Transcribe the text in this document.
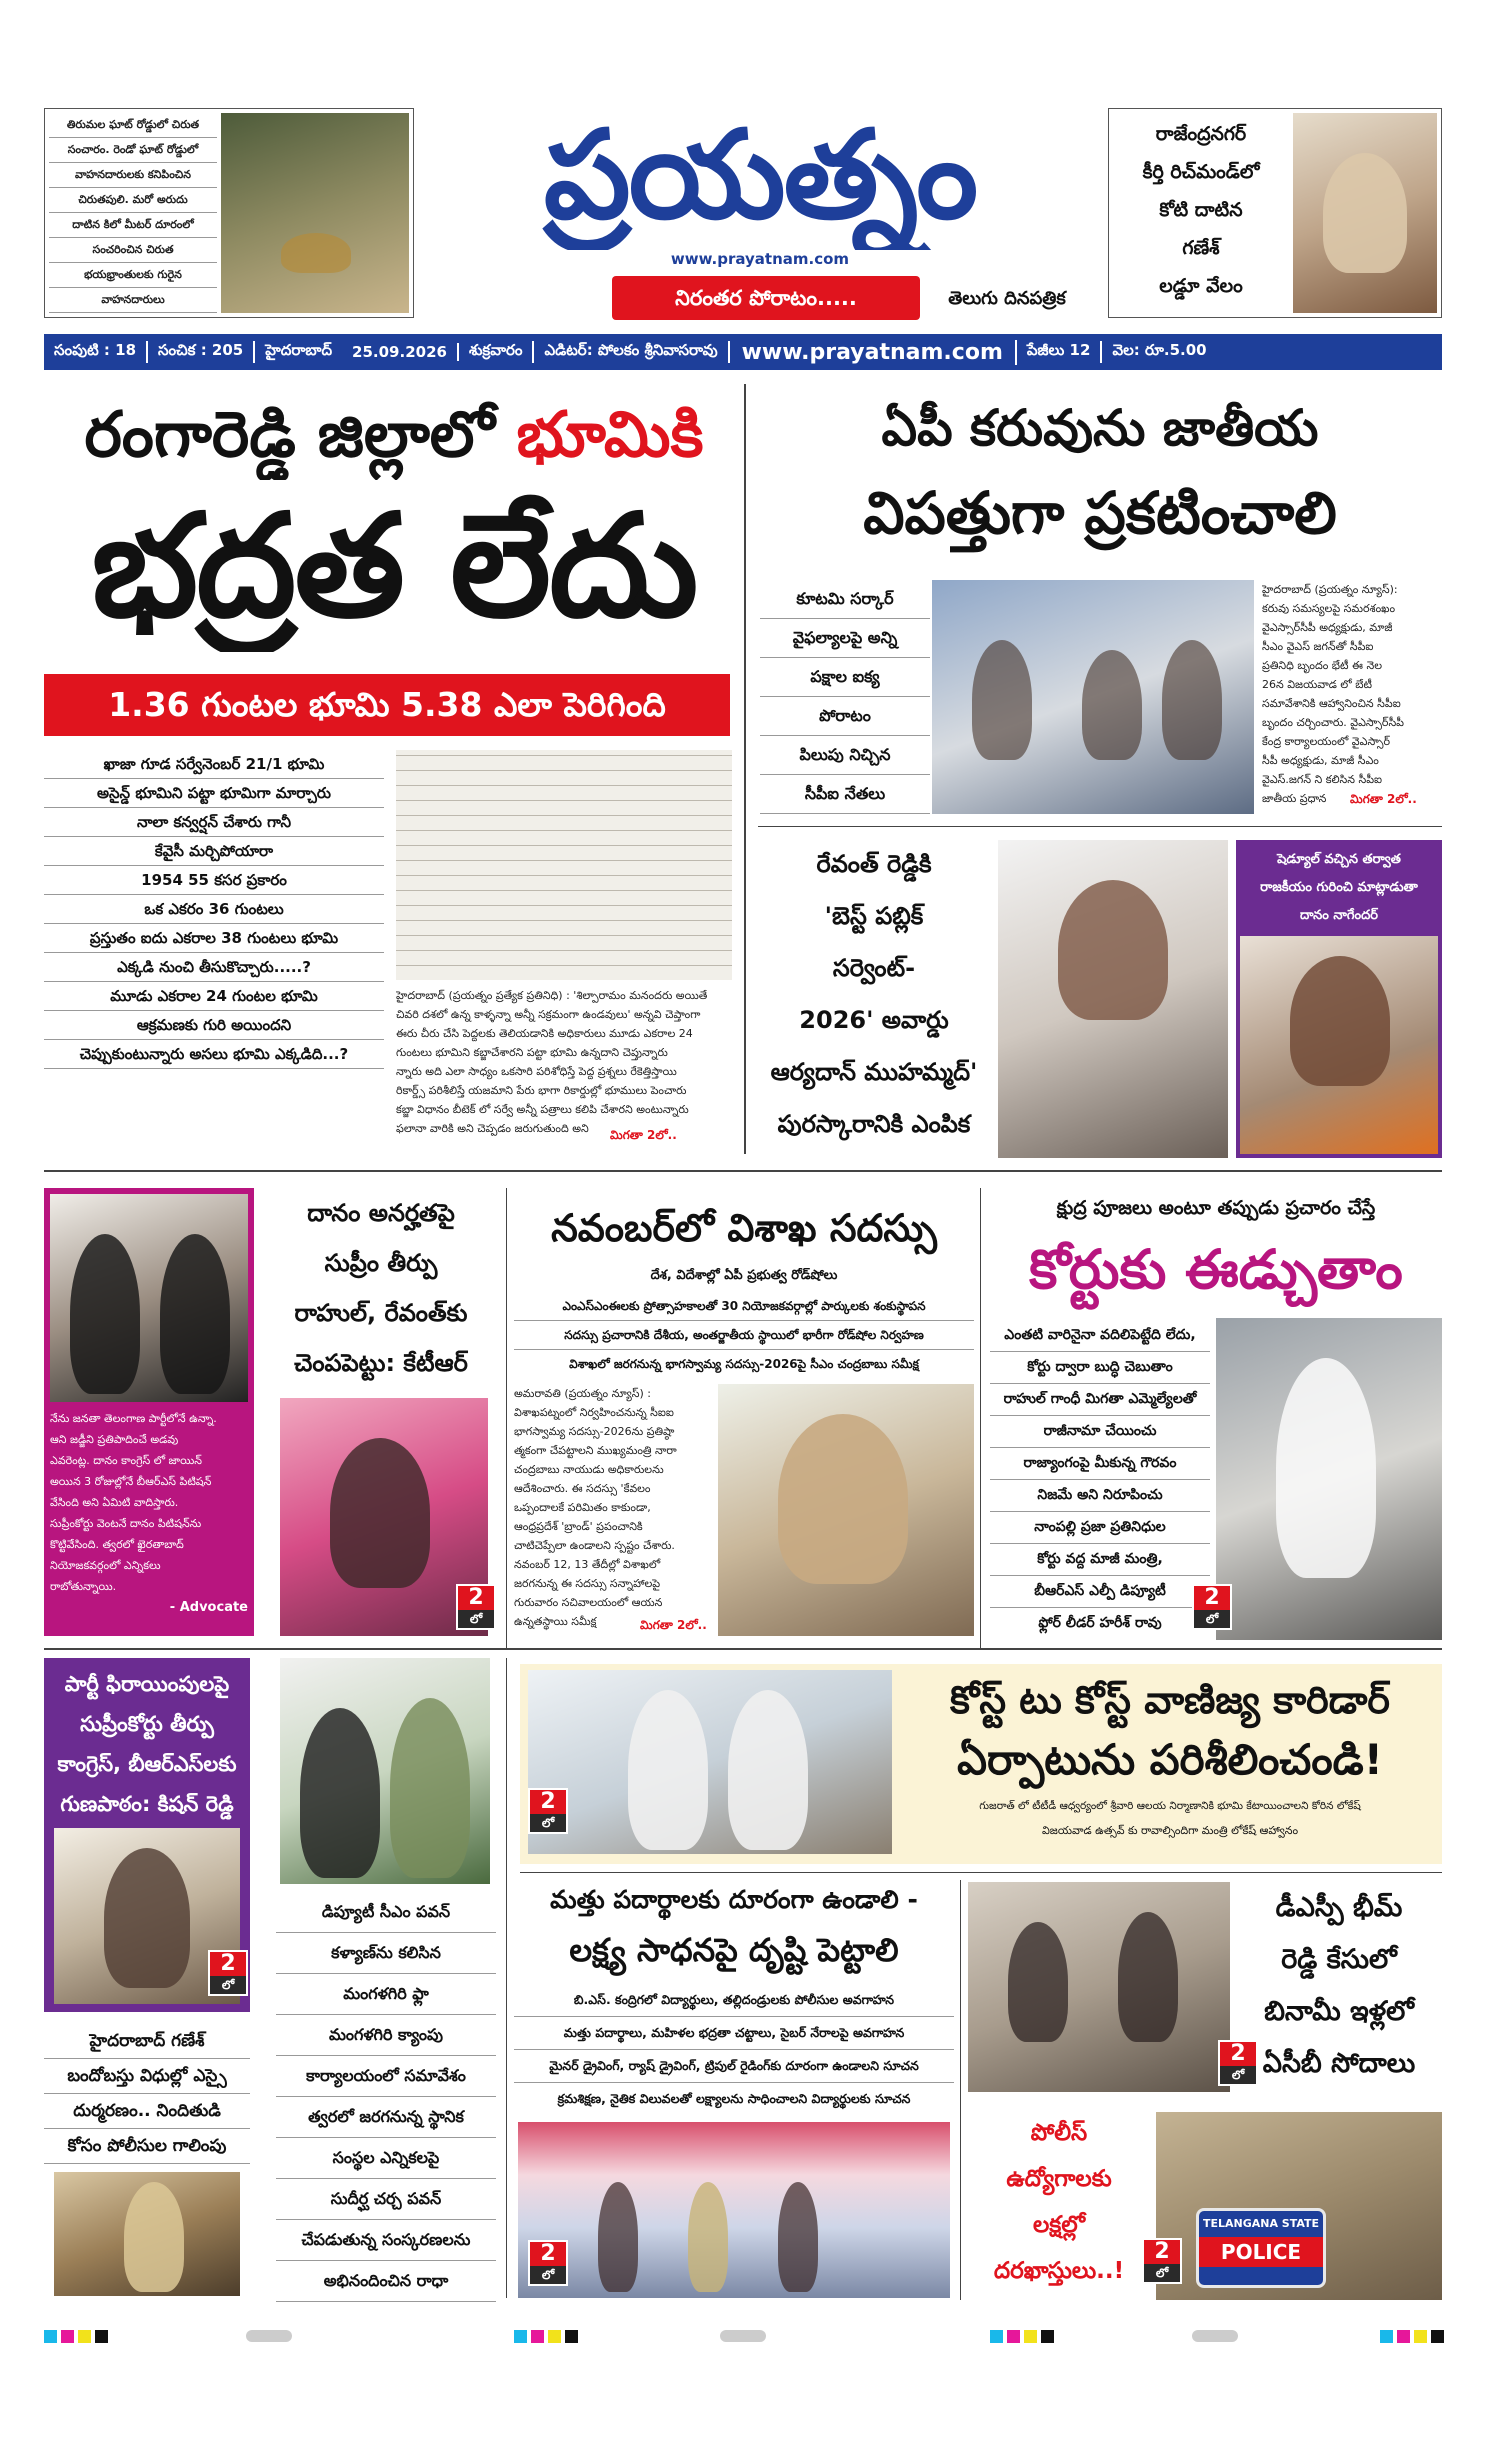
తిరుమల ఘాట్ రోడ్డులో చిరుత

సంచారం. రెండో ఘాట్ రోడ్డులో

వాహనదారులకు కనిపించిన

చిరుతపులి. మరో అరుదు

దాటిన కిలో మీటర్ దూరంలో

సంచరించిన చిరుత

భయభ్రాంతులకు గురైన

వాహనదారులు

ప్రయత్నం
www.prayatnam.com
నిరంతర పోరాటం.....	తెలుగు దినపత్రిక

రాజేంద్రనగర్

కీర్తి రిచ్‌మండ్‌లో

కోటి దాటిన

గణేశ్

లడ్డూ వేలం

సంపుటి : 18	సంచిక : 205	హైదరాబాద్	25.09.2026	శుక్రవారం	ఎడిటర్: పోలకం శ్రీనివాసరావు	www.prayatnam.com	పేజీలు 12	వెల: రూ.5.00
రంగారెడ్డి జిల్లాలో భూమికి
భద్రత లేదు
1.36 గుంటల భూమి 5.38 ఎలా పెరిగింది

ఖాజా గూడ సర్వేనెంబర్ 21/1 భూమి

అసైన్డ్ భూమిని పట్టా భూమిగా మార్చారు

నాలా కన్వర్షన్ చేశారు గానీ

కేవైసీ మర్చిపోయారా

1954 55 కసర ప్రకారం

ఒక ఎకరం 36 గుంటలు

ప్రస్తుతం ఐదు ఎకరాల 38 గుంటలు భూమి

ఎక్కడి నుంచి తీసుకొచ్చారు.....?

మూడు ఎకరాల 24 గుంటల భూమి

ఆక్రమణకు గురి అయిందని

చెప్పుకుంటున్నారు అసలు భూమి ఎక్కడిది...?

హైదరాబాద్ (ప్రయత్నం ప్రత్యేక ప్రతినిధి) : 'శిల్పారామం మనందరు అయితే

చివరి దశలో ఉన్న కాళ్ళన్నా అన్నీ సక్రమంగా ఉండవులు' అన్నవి చెప్తాంగా

ఈరు చీరు చేసి పెద్దలకు తెలియడానికి అధికారులు మూడు ఎకరాల 24

గుంటలు భూమిని కబ్జాచేశారని పట్టా భూమి ఉన్నదాని చెప్తున్నారు

న్నారు అది ఎలా సాధ్యం ఒకసారి పరిశోధిస్తే పెద్ద ప్రశ్నలు రేకెత్తిస్తాయి

రికార్డ్స్ పరిశీలిస్తే యజమాని పేరు భాగా రికార్డుల్లో భూములు పెంచారు

కబ్జా విధానం బీటెక్ లో సర్వే అన్నీ పత్రాలు కలిపి చేశారని అంటున్నారు

ఫలానా వారికి అని చెప్పడం జరుగుతుంది అని	మిగతా 2లో..
ఏపీ కరువును జాతీయ
విపత్తుగా ప్రకటించాలి

కూటమి సర్కార్

వైఫల్యాలపై అన్ని

పక్షాల ఐక్య

పోరాటం

పిలుపు నిచ్చిన

సీపీఐ నేతలు

హైదరాబాద్ (ప్రయత్నం న్యూస్):

కరువు సమస్యలపై సమరశంఖం

వైఎస్సార్‌సీపీ అధ్యక్షుడు, మాజీ

సీఎం వైఎస్ జగన్‌తో సీపీఐ

ప్రతినిధి బృందం భేటీ ఈ నెల

26న విజయవాడ లో బేటీ

సమావేశానికి ఆహ్వానించిన సీపీఐ

బృందం చర్చించారు. వైఎస్సార్‌సీపీ

కేంద్ర కార్యాలయంలో వైఎస్సార్

సీపీ అధ్యక్షుడు, మాజీ సీఎం

వైఎస్.జగన్ ని కలిసిన సీపీఐ

జాతీయ ప్రధాన	మిగతా 2లో..

రేవంత్ రెడ్డికి

'బెస్ట్ పబ్లిక్

సర్వెంట్-

2026' అవార్డు

ఆర్యదాన్ ముహమ్మద్'

పురస్కారానికి ఎంపిక

షెడ్యూల్ వచ్చిన తర్వాత

రాజకీయం గురించి మాట్లాడుతా

దానం నాగేందర్

నేను జనతా తెలంగాణ పార్టీలోనే ఉన్నా.

ఆని జడ్జీని ప్రతిపాదించే అడవు

ఎవరెంట్ల. దానం కాంగ్రెస్ లో జాయిన్

అయిన 3 రోజుల్లోనే బీఆర్ఎస్ పిటిషన్

వేసింది అని ఏమిటి వాదిస్తారు.

సుప్రీంకోర్టు వెంటనే దానం పిటిషన్‌ను

కొట్టివేసింది. త్వరలో ఖైరతాబాద్

నియోజకవర్గంలో ఎన్నికలు

రాబోతున్నాయి.

- Advocate

దానం అనర్హతపై

సుప్రీం తీర్పు

రాహుల్, రేవంత్‌కు

చెంపపెట్టు: కేటీఆర్

నవంబర్‌లో విశాఖ సదస్సు
దేశ, విదేశాల్లో ఏపీ ప్రభుత్వ రోడ్‌షోలు

ఎంఎస్ఎంఈలకు ప్రోత్సాహకాలతో 30 నియోజకవర్గాల్లో పార్కులకు శంకుస్థాపన

సదస్సు ప్రచారానికి దేశీయ, అంతర్జాతీయ స్థాయిలో భారీగా రోడ్‌షోల నిర్వహణ

విశాఖలో జరగనున్న భాగస్వామ్య సదస్సు-2026పై సీఎం చంద్రబాబు సమీక్ష

అమరావతి (ప్రయత్నం న్యూస్) :

విశాఖపట్నంలో నిర్వహించనున్న సీఐఐ

భాగస్వామ్య సదస్సు-2026ను ప్రతిష్ఠా

త్మకంగా చేపట్టాలని ముఖ్యమంత్రి నారా

చంద్రబాబు నాయుడు అధికారులను

ఆదేశించారు. ఈ సదస్సు 'కేవలం

ఒప్పందాలకే పరిమితం కాకుండా,

ఆంధ్రప్రదేశ్ 'బ్రాండ్' ప్రపంచానికి

చాటిచెప్పేలా ఉండాలని స్పష్టం చేశారు.

నవంబర్ 12, 13 తేదీల్లో విశాఖలో

జరగనున్న ఈ సదస్సు సన్నాహాలపై

గురువారం సచివాలయంలో ఆయన

ఉన్నతస్థాయి సమీక్ష	మిగతా 2లో..
క్షుద్ర పూజలు అంటూ తప్పుడు ప్రచారం చేస్తే
కోర్టుకు ఈడ్చుతాం

ఎంతటి వారినైనా వదిలిపెట్టేది లేదు,

కోర్టు ద్వారా బుద్ధి చెబుతాం

రాహుల్ గాంధీ మిగతా ఎమ్మెల్యేలతో

రాజీనామా చేయించు

రాజ్యాంగంపై మీకున్న గౌరవం

నిజమే అని నిరూపించు

నాంపల్లి ప్రజా ప్రతినిధుల

కోర్టు వద్ద మాజీ మంత్రి,

బీఆర్ఎస్ ఎల్పీ డిప్యూటీ

ఫ్లోర్ లీడర్ హరీశ్ రావు

పార్టీ ఫిరాయింపులపై

సుప్రీంకోర్టు తీర్పు

కాంగ్రెస్, బీఆర్ఎస్‌లకు

గుణపాఠం: కిషన్ రెడ్డి

హైదరాబాద్ గణేశ్

బందోబస్తు విధుల్లో ఎస్సై

దుర్మరణం.. నిందితుడి

కోసం పోలీసుల గాలింపు

డిప్యూటీ సీఎం పవన్

కళ్యాణ్‌ను కలిసిన

మంగళగిరి ఫ్లా

మంగళగిరి క్యాంపు

కార్యాలయంలో సమావేశం

త్వరలో జరగనున్న స్థానిక

సంస్థల ఎన్నికలపై

సుదీర్ఘ చర్చ పవన్

చేపడుతున్న సంస్కరణలను

అభినందించిన రాధా

కోస్ట్ టు కోస్ట్ వాణిజ్య కారిడార్
ఏర్పాటును పరిశీలించండి!
గుజరాత్ లో టీటీడీ ఆధ్వర్యంలో శ్రీవారి ఆలయ నిర్మాణానికి భూమి కేటాయించాలని కోరిన లోకేష్
విజయవాడ ఉత్సవ్ కు రావాల్సిందిగా మంత్రి లోకేష్ ఆహ్వానం
మత్తు పదార్థాలకు దూరంగా ఉండాలి -
లక్ష్య సాధనపై దృష్టి పెట్టాలి

బి.ఎస్. కంద్రిగలో విద్యార్థులు, తల్లిదండ్రులకు పోలీసుల అవగాహన

మత్తు పదార్థాలు, మహిళల భద్రతా చట్టాలు, సైబర్ నేరాలపై అవగాహన

మైనర్ డ్రైవింగ్, ర్యాష్ డ్రైవింగ్, ట్రిపుల్ రైడింగ్‌కు దూరంగా ఉండాలని సూచన

క్రమశిక్షణ, నైతిక విలువలతో లక్ష్యాలను సాధించాలని విద్యార్థులకు సూచన

డీఎస్పీ భీమ్

రెడ్డి కేసులో

బినామీ ఇళ్లలో

ఏసీబీ సోదాలు

పోలీస్

ఉద్యోగాలకు

లక్షల్లో

దరఖాస్తులు..!

TELANGANA STATE
POLICE
2
లో
2
లో
2
లో
2
లో
2
లో
2
లో
2
లో
